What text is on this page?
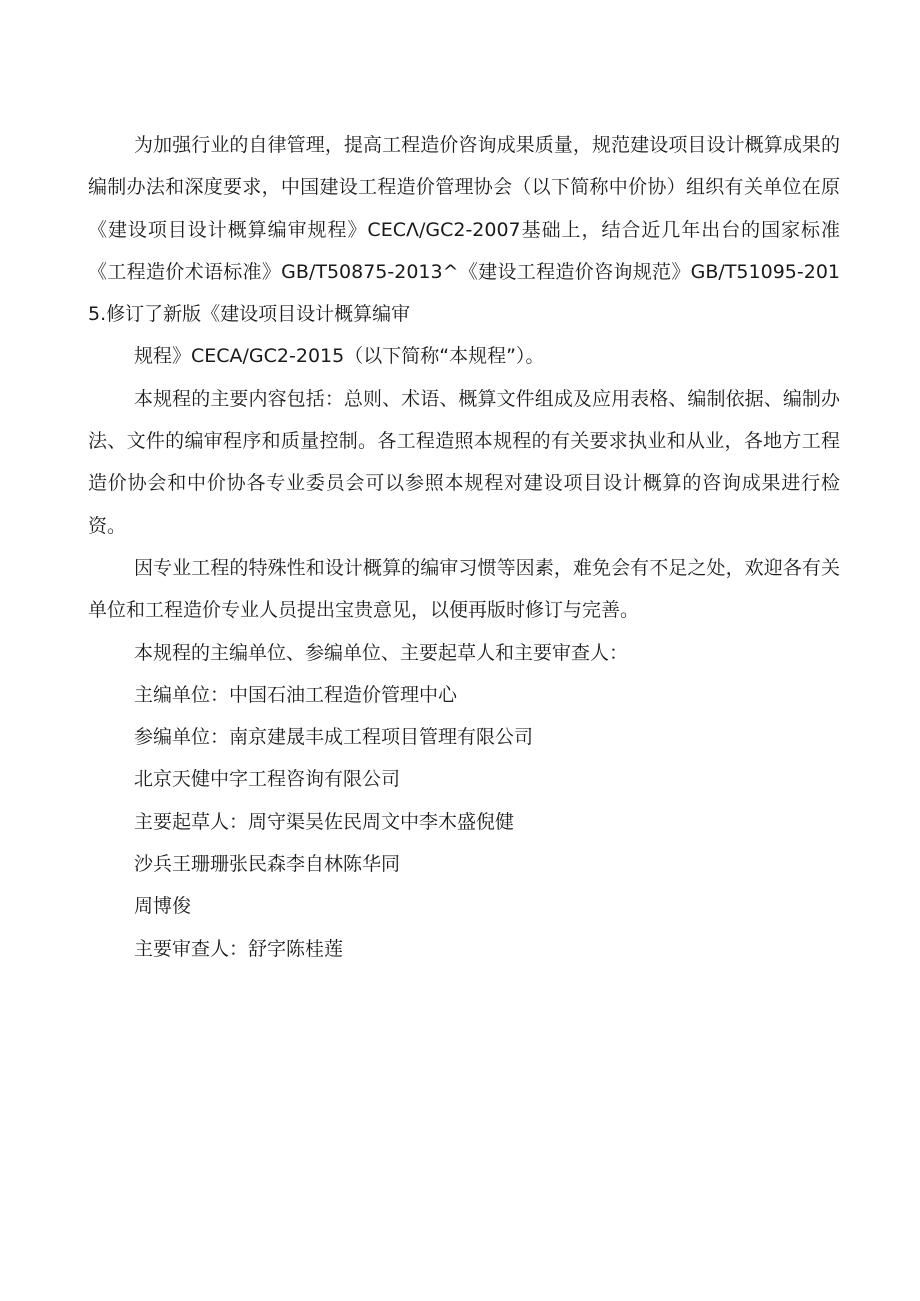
为加强行业的自律管理，提高工程造价咨询成果质量，规范建设项目设计概算成果的编制办法和深度要求，中国建设工程造价管理协会（以下简称中价协）组织有关单位在原《建设项目设计概算编审规程》CECΛ/GC2-2007基础上，结合近几年出台的国家标准《工程造价术语标准》GB/T50875-2013^《建设工程造价咨询规范》GB/T51095-2015.修订了新版《建设项目设计概算编审

规程》CECA/GC2-2015（以下简称“本规程”）。

本规程的主要内容包括：总则、术语、概算文件组成及应用表格、编制依据、编制办法、文件的编审程序和质量控制。各工程造照本规程的有关要求执业和从业，各地方工程造价协会和中价协各专业委员会可以参照本规程对建设项目设计概算的咨询成果进行检资。

因专业工程的特殊性和设计概算的编审习惯等因素，难免会有不足之处，欢迎各有关单位和工程造价专业人员提出宝贵意见，以便再版时修订与完善。

本规程的主编单位、参编单位、主要起草人和主要审查人：

主编单位：中国石油工程造价管理中心

参编单位：南京建晟丰成工程项目管理有限公司

北京天健中字工程咨询有限公司

主要起草人：周守渠吴佐民周文中李木盛倪健

沙兵王珊珊张民森李自林陈华同

周博俊

主要审查人：舒字陈桂莲
